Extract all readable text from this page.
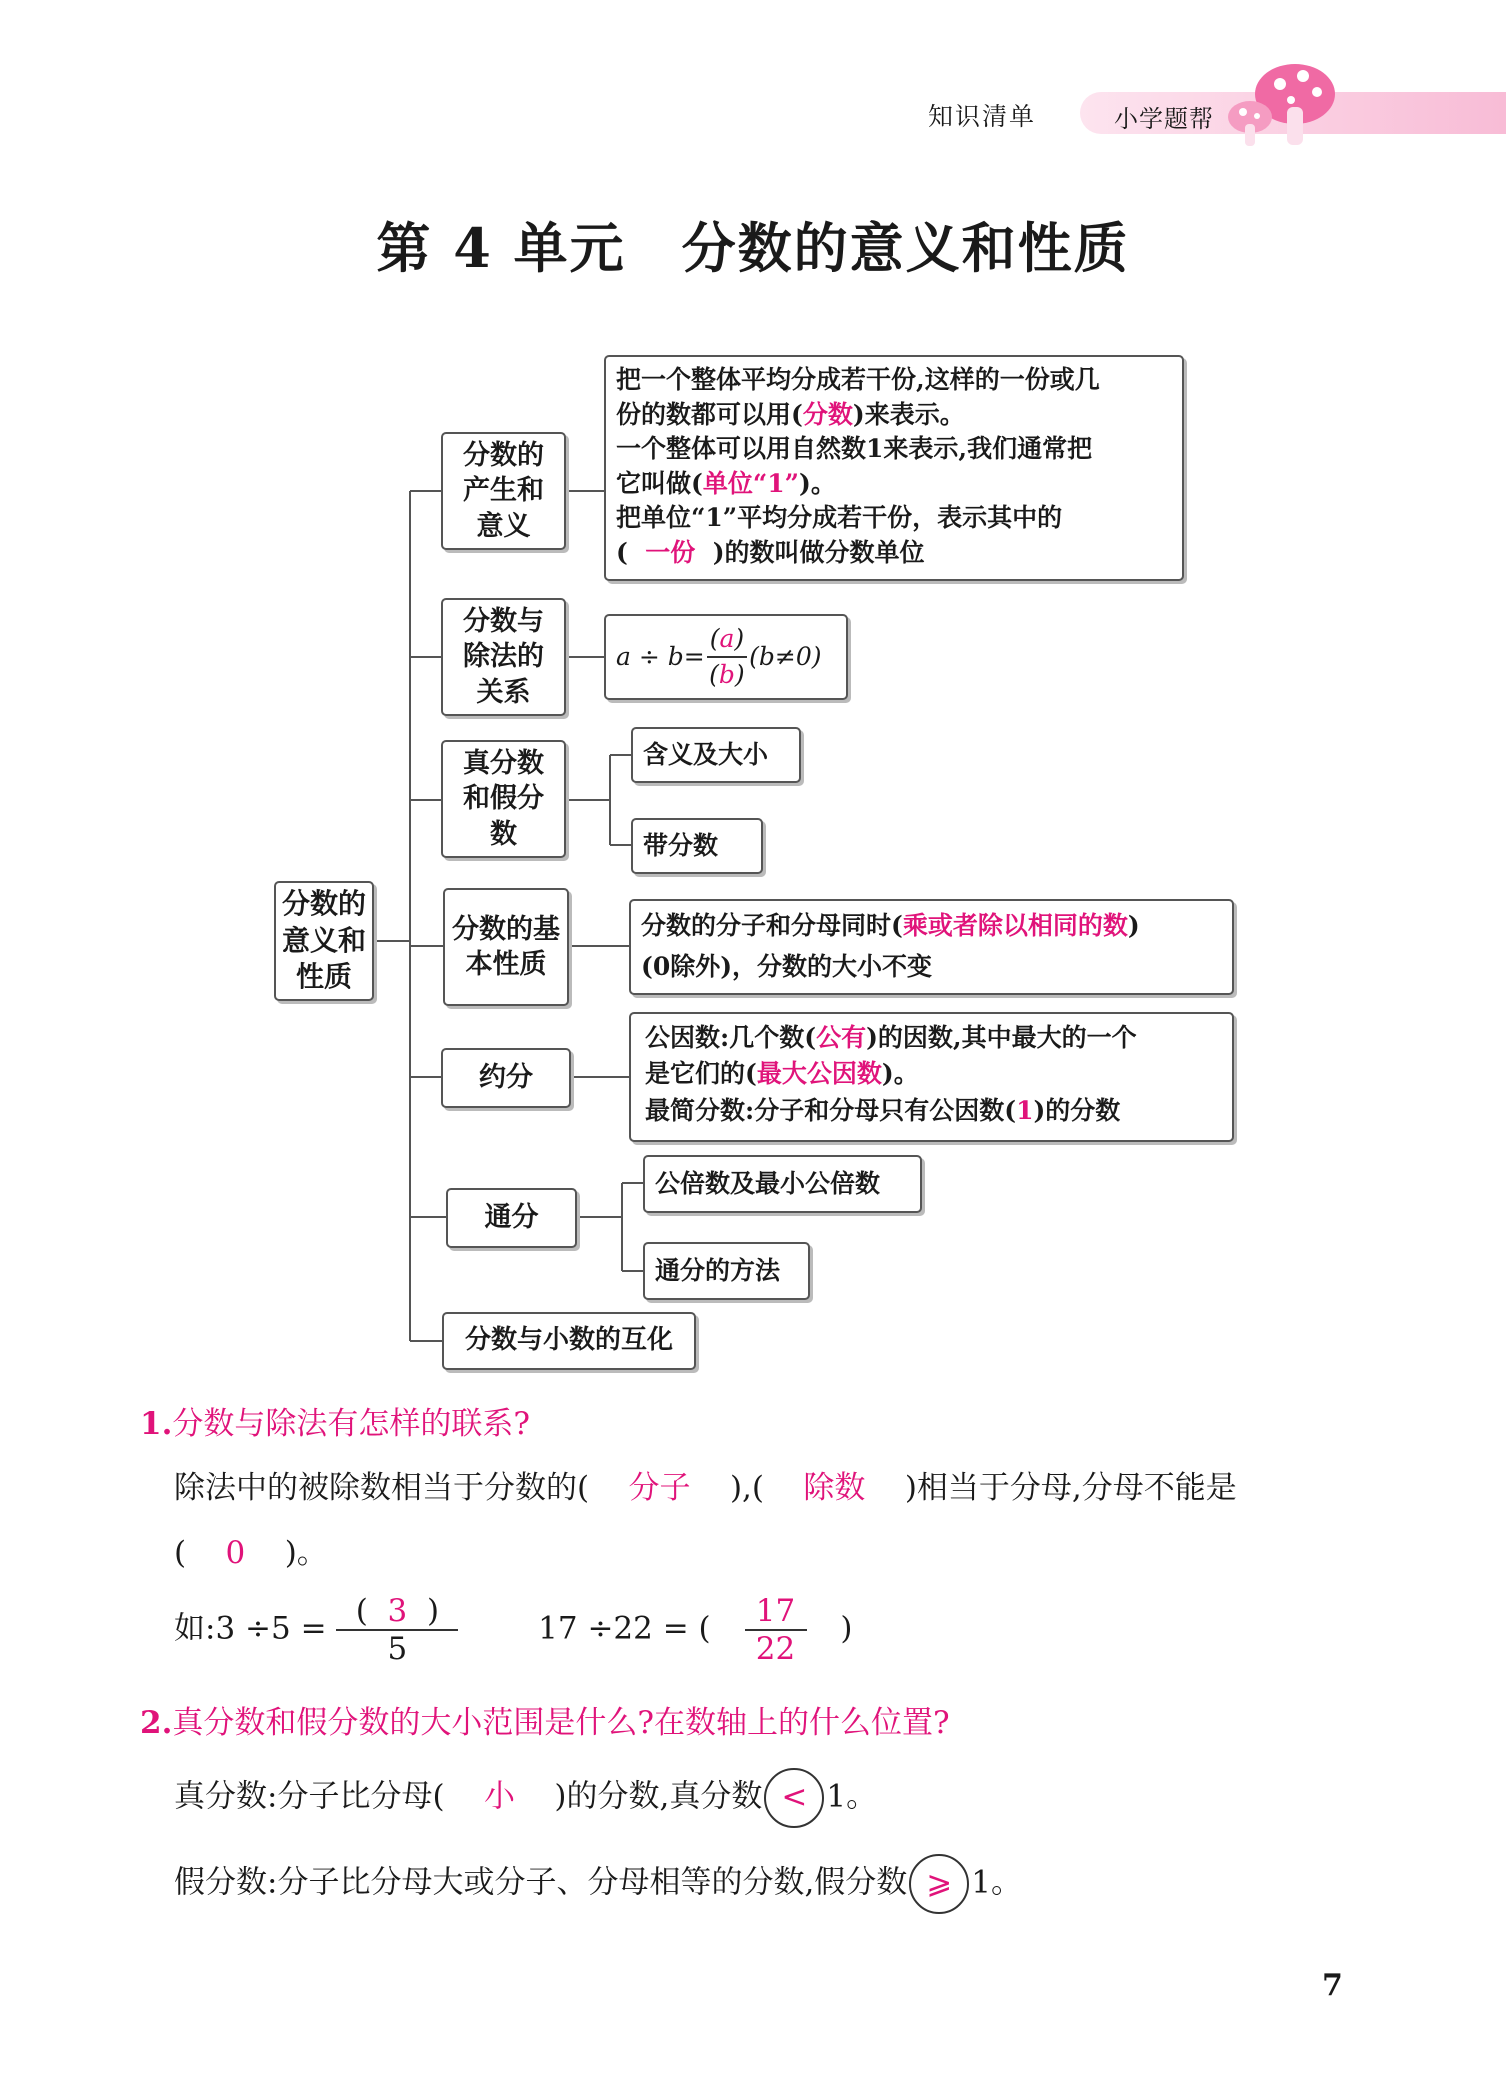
知识清单	小学题帮
第 4 单元　分数的意义和性质
分数的意义和性质
分数的产生和意义
把一个整体平均分成若干份,这样的一份或几
份的数都可以用(分数)来表示。
一个整体可以用自然数1来表示,我们通常把
它叫做(单位“1”)。
把单位“1”平均分成若干份，表示其中的
( 一份 )的数叫做分数单位
分数与除法的关系
$a \div b= \frac{(a)}{(b)} (b\ne 0)$
真分数和假分数
含义及大小
带分数
分数的基本性质
分数的分子和分母同时(乘或者除以相同的数)
(0除外)，分数的大小不变
约分
公因数:几个数(公有)的因数,其中最大的一个
是它们的(最大公因数)。
最简分数:分子和分母只有公因数(1)的分数
通分
公倍数及最小公倍数
通分的方法
分数与小数的互化
1.分数与除法有怎样的联系?
除法中的被除数相当于分数的( 分子 ),( 除数 )相当于分母,分母不能是
( 0 )。
如:3 $\div 5 = \frac{( 3 )}{5}$	17 ÷22 = ( $\frac{17}{22}$ )
2.真分数和假分数的大小范围是什么?在数轴上的什么位置?
真分数:分子比分母( 小 )的分数,真分数 < 1。
假分数:分子比分母大或分子、分母相等的分数,假分数 ⩾ 1。
7
